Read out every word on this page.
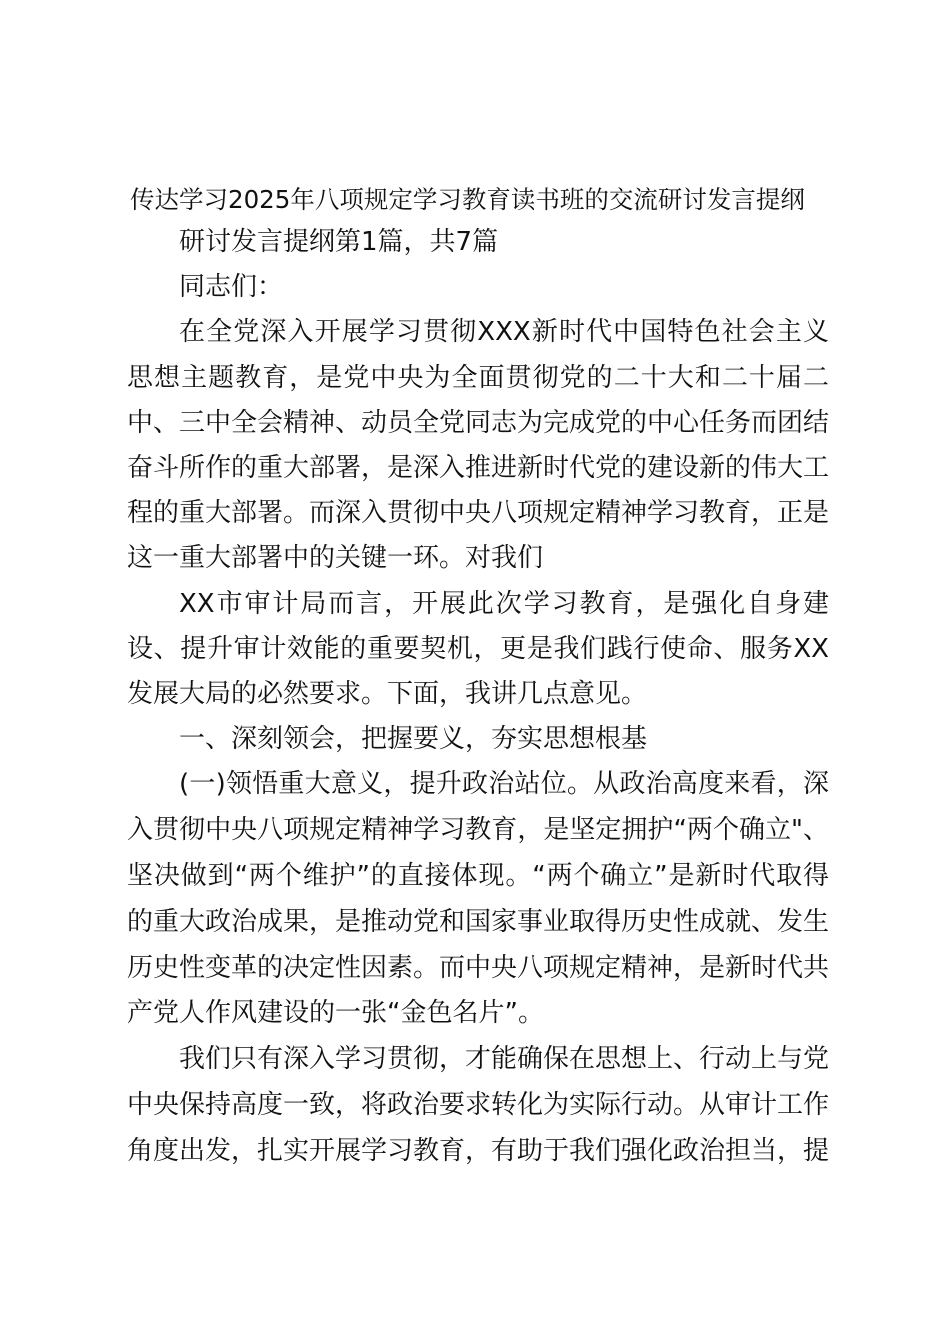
传达学习2025年八项规定学习教育读书班的交流研讨发言提纲

研讨发言提纲第1篇，共7篇

同志们：

在全党深入开展学习贯彻XXX新时代中国特色社会主义思想主题教育，是党中央为全面贯彻党的二十大和二十届二中、三中全会精神、动员全党同志为完成党的中心任务而团结奋斗所作的重大部署，是深入推进新时代党的建设新的伟大工程的重大部署。而深入贯彻中央八项规定精神学习教育，正是这一重大部署中的关键一环。对我们

XX市审计局而言，开展此次学习教育，是强化自身建设、提升审计效能的重要契机，更是我们践行使命、服务XX发展大局的必然要求。下面，我讲几点意见。

一、深刻领会，把握要义，夯实思想根基

(一)领悟重大意义，提升政治站位。从政治高度来看，深入贯彻中央八项规定精神学习教育，是坚定拥护“两个确立"、坚决做到“两个维护”的直接体现。“两个确立”是新时代取得的重大政治成果，是推动党和国家事业取得历史性成就、发生历史性变革的决定性因素。而中央八项规定精神，是新时代共产党人作风建设的一张“金色名片”。

我们只有深入学习贯彻，才能确保在思想上、行动上与党中央保持高度一致，将政治要求转化为实际行动。从审计工作角度出发，扎实开展学习教育，有助于我们强化政治担当，提
